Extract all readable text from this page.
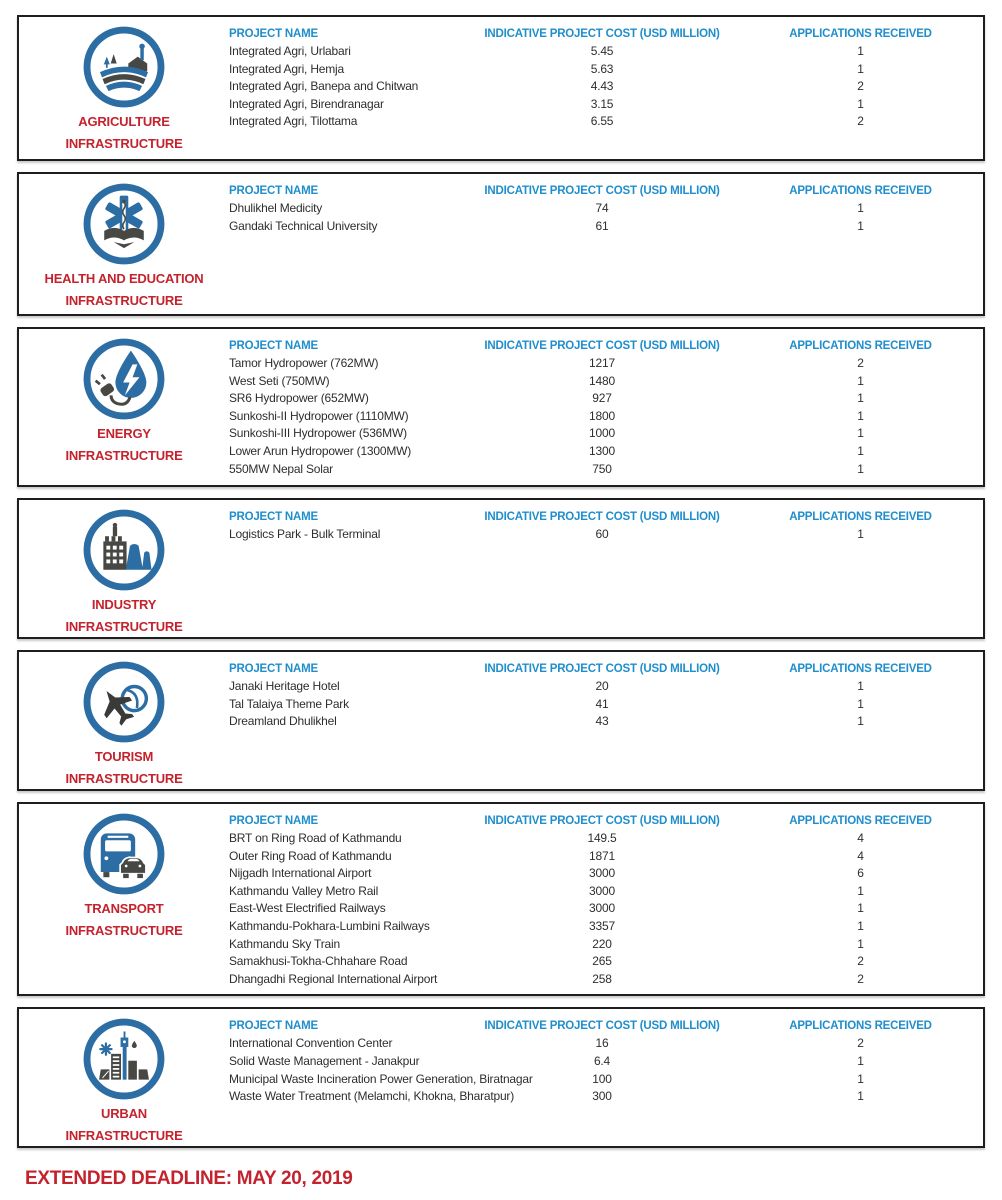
AGRICULTURE
INFRASTRUCTURE
PROJECT NAME	INDICATIVE PROJECT COST (USD MILLION)	APPLICATIONS RECEIVED
Integrated Agri, Urlabari	5.45	1
Integrated Agri, Hemja	5.63	1
Integrated Agri, Banepa and Chitwan	4.43	2
Integrated Agri, Birendranagar	3.15	1
Integrated Agri, Tilottama	6.55	2
HEALTH AND EDUCATION
INFRASTRUCTURE
PROJECT NAME	INDICATIVE PROJECT COST (USD MILLION)	APPLICATIONS RECEIVED
Dhulikhel Medicity	74	1
Gandaki Technical University	61	1
ENERGY
INFRASTRUCTURE
PROJECT NAME	INDICATIVE PROJECT COST (USD MILLION)	APPLICATIONS RECEIVED
Tamor Hydropower (762MW)	1217	2
West Seti (750MW)	1480	1
SR6 Hydropower (652MW)	927	1
Sunkoshi-II Hydropower (1110MW)	1800	1
Sunkoshi-III Hydropower (536MW)	1000	1
Lower Arun Hydropower (1300MW)	1300	1
550MW Nepal Solar	750	1
INDUSTRY
INFRASTRUCTURE
PROJECT NAME	INDICATIVE PROJECT COST (USD MILLION)	APPLICATIONS RECEIVED
Logistics Park - Bulk Terminal	60	1
TOURISM
INFRASTRUCTURE
PROJECT NAME	INDICATIVE PROJECT COST (USD MILLION)	APPLICATIONS RECEIVED
Janaki Heritage Hotel	20	1
Tal Talaiya Theme Park	41	1
Dreamland Dhulikhel	43	1
TRANSPORT
INFRASTRUCTURE
PROJECT NAME	INDICATIVE PROJECT COST (USD MILLION)	APPLICATIONS RECEIVED
BRT on Ring Road of Kathmandu	149.5	4
Outer Ring Road of Kathmandu	1871	4
Nijgadh International Airport	3000	6
Kathmandu Valley Metro Rail	3000	1
East-West Electrified Railways	3000	1
Kathmandu-Pokhara-Lumbini Railways	3357	1
Kathmandu Sky Train	220	1
Samakhusi-Tokha-Chhahare Road	265	2
Dhangadhi Regional International Airport	258	2
URBAN
INFRASTRUCTURE
PROJECT NAME	INDICATIVE PROJECT COST (USD MILLION)	APPLICATIONS RECEIVED
International Convention Center	16	2
Solid Waste Management - Janakpur	6.4	1
Municipal Waste Incineration Power Generation, Biratnagar	100	1
Waste Water Treatment (Melamchi, Khokna, Bharatpur)	300	1
EXTENDED DEADLINE: MAY 20, 2019
